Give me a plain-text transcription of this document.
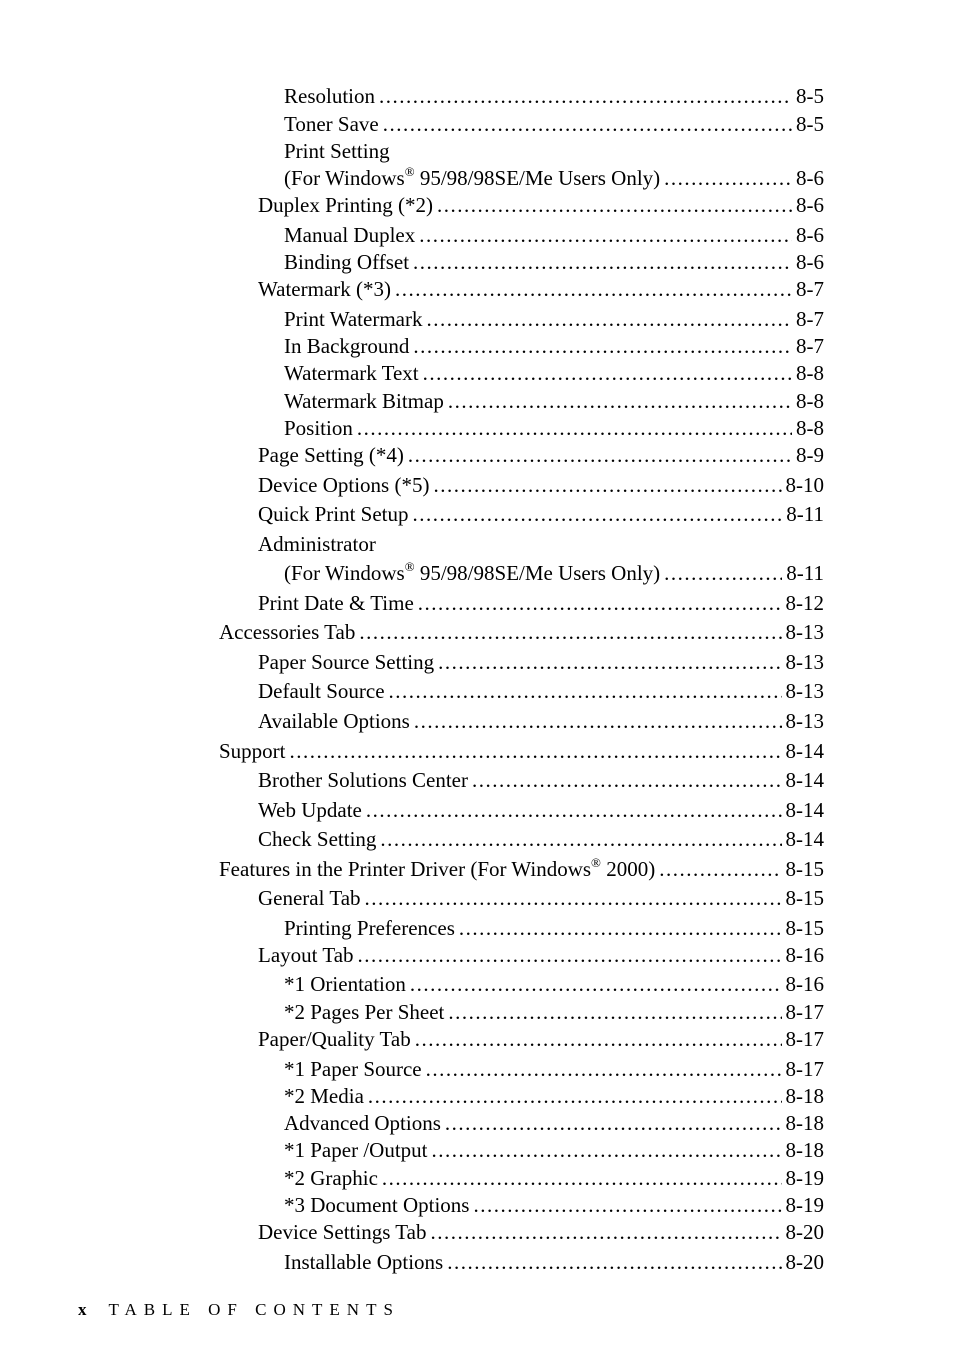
Resolution .....	8-5
Toner Save .....	8-5
Print Setting
(For Windows® 95/98/98SE/Me Users Only) .....	8-6
Duplex Printing (*2) .....	8-6
Manual Duplex .....	8-6
Binding Offset .....	8-6
Watermark (*3) .....	8-7
Print Watermark .....	8-7
In Background .....	8-7
Watermark Text .....	8-8
Watermark Bitmap .....	8-8
Position .....	8-8
Page Setting (*4) .....	8-9
Device Options (*5) .....	8-10
Quick Print Setup .....	8-11
Administrator
(For Windows® 95/98/98SE/Me Users Only) .....	8-11
Print Date & Time .....	8-12
Accessories Tab .....	8-13
Paper Source Setting .....	8-13
Default Source .....	8-13
Available Options .....	8-13
Support .....	8-14
Brother Solutions Center .....	8-14
Web Update .....	8-14
Check Setting .....	8-14
Features in the Printer Driver (For Windows® 2000) .....	8-15
General Tab .....	8-15
Printing Preferences .....	8-15
Layout Tab .....	8-16
*1 Orientation .....	8-16
*2 Pages Per Sheet .....	8-17
Paper/Quality Tab .....	8-17
*1 Paper Source .....	8-17
*2 Media .....	8-18
Advanced Options .....	8-18
*1 Paper /Output .....	8-18
*2 Graphic .....	8-19
*3 Document Options .....	8-19
Device Settings Tab .....	8-20
Installable Options .....	8-20
x TABLE OF CONTENTS
